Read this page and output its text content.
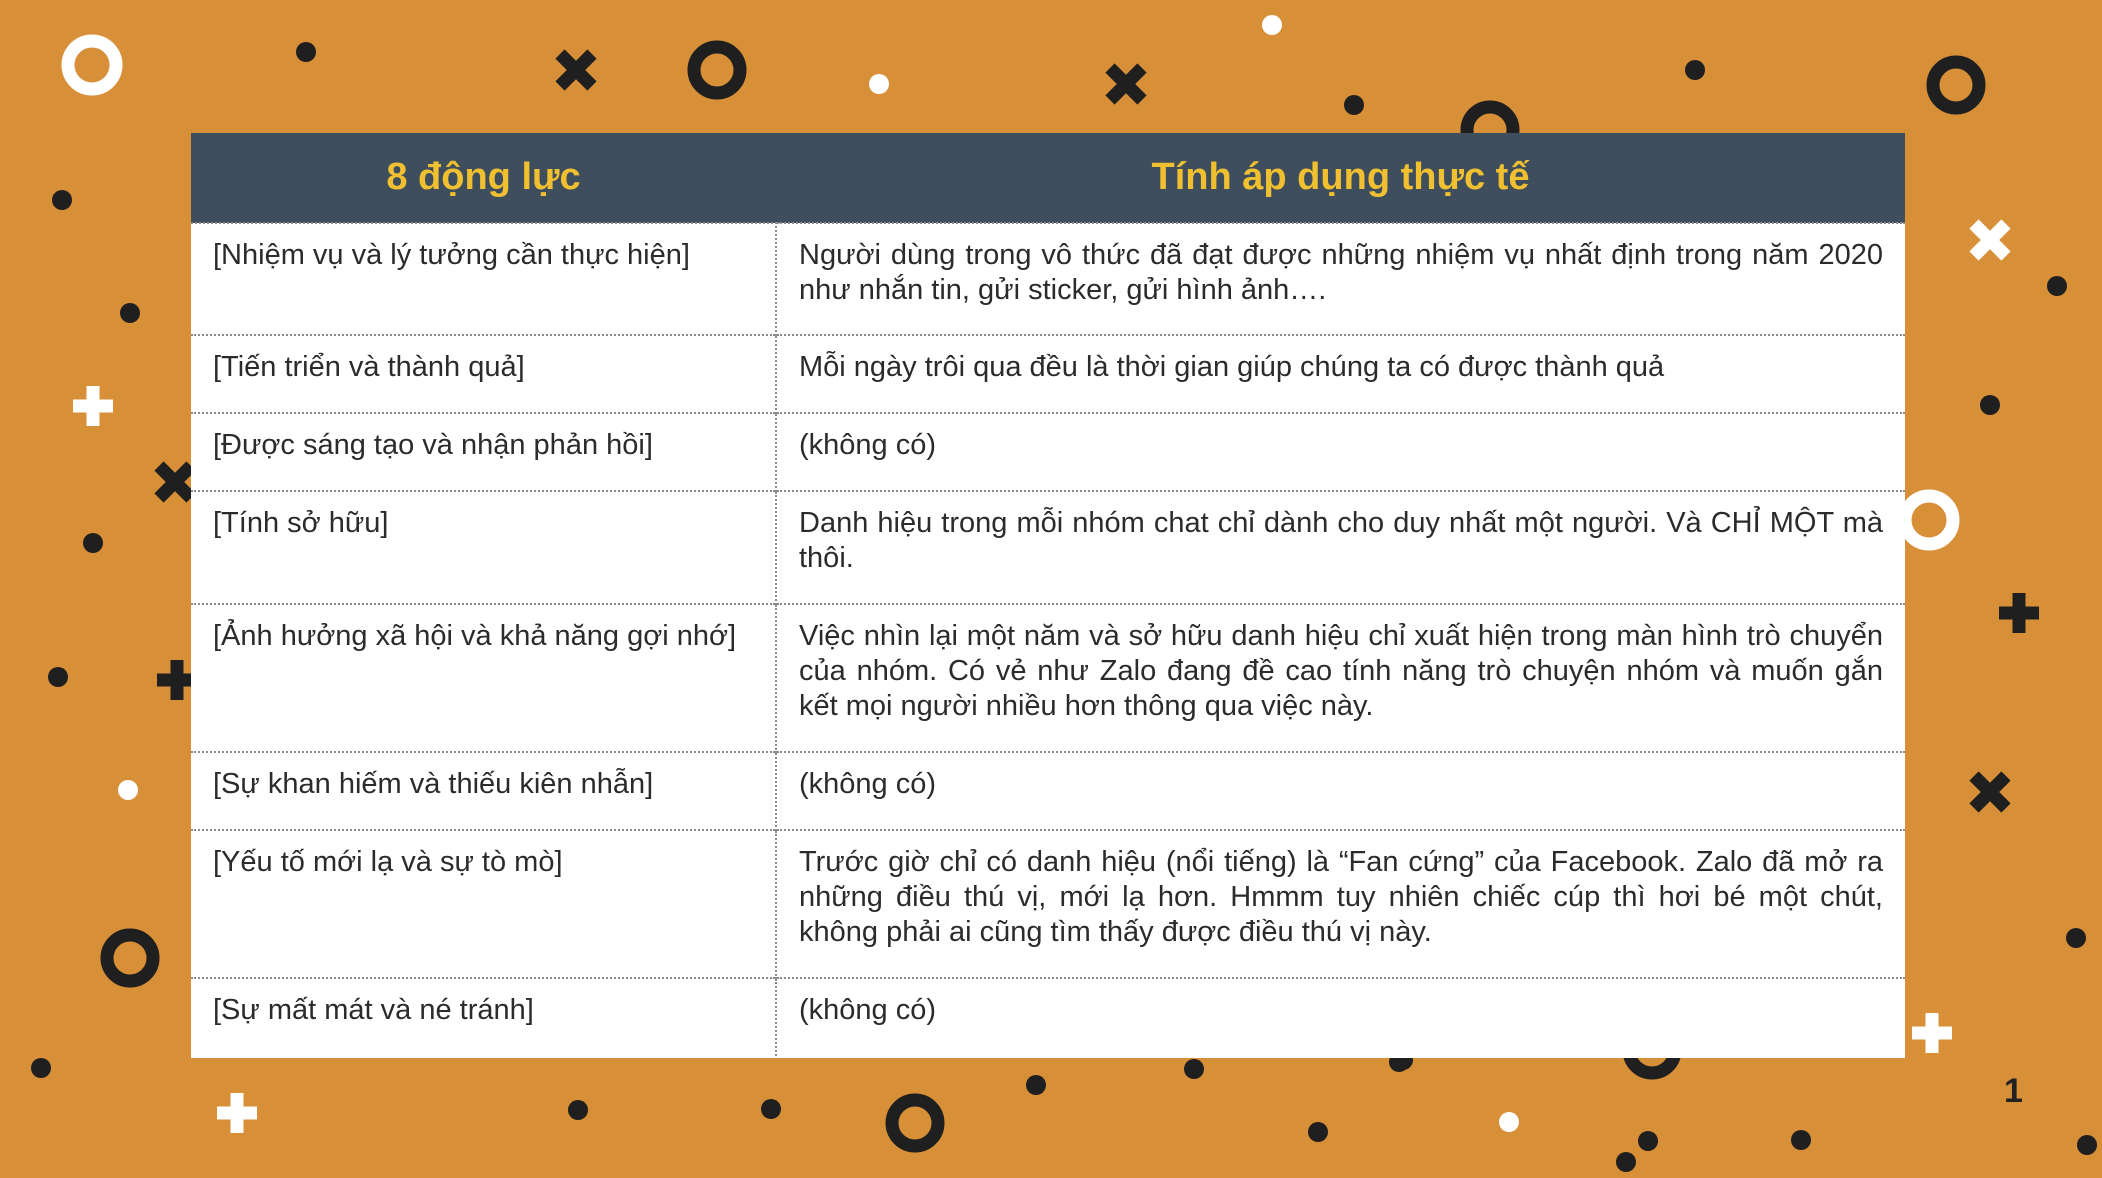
8 động lực	Tính áp dụng thực tế
[Nhiệm vụ và lý tưởng cần thực hiện]	Người dùng trong vô thức đã đạt được những nhiệm vụ nhất định trong năm 2020 như nhắn tin, gửi sticker, gửi hình ảnh….
[Tiến triển và thành quả]	Mỗi ngày trôi qua đều là thời gian giúp chúng ta có được thành quả
[Được sáng tạo và nhận phản hồi]	(không có)
[Tính sở hữu]	Danh hiệu trong mỗi nhóm chat chỉ dành cho duy nhất một người. Và CHỈ MỘT mà thôi.
[Ảnh hưởng xã hội và khả năng gợi nhớ]	Việc nhìn lại một năm và sở hữu danh hiệu chỉ xuất hiện trong màn hình trò chuyển của nhóm. Có vẻ như Zalo đang đề cao tính năng trò chuyện nhóm và muốn gắn kết mọi người nhiều hơn thông qua việc này.
[Sự khan hiếm và thiếu kiên nhẫn]	(không có)
[Yếu tố mới lạ và sự tò mò]	Trước giờ chỉ có danh hiệu (nổi tiếng) là “Fan cứng” của Facebook. Zalo đã mở ra những điều thú vị, mới lạ hơn. Hmmm tuy nhiên chiếc cúp thì hơi bé một chút, không phải ai cũng tìm thấy được điều thú vị này.
[Sự mất mát và né tránh]	(không có)
1
